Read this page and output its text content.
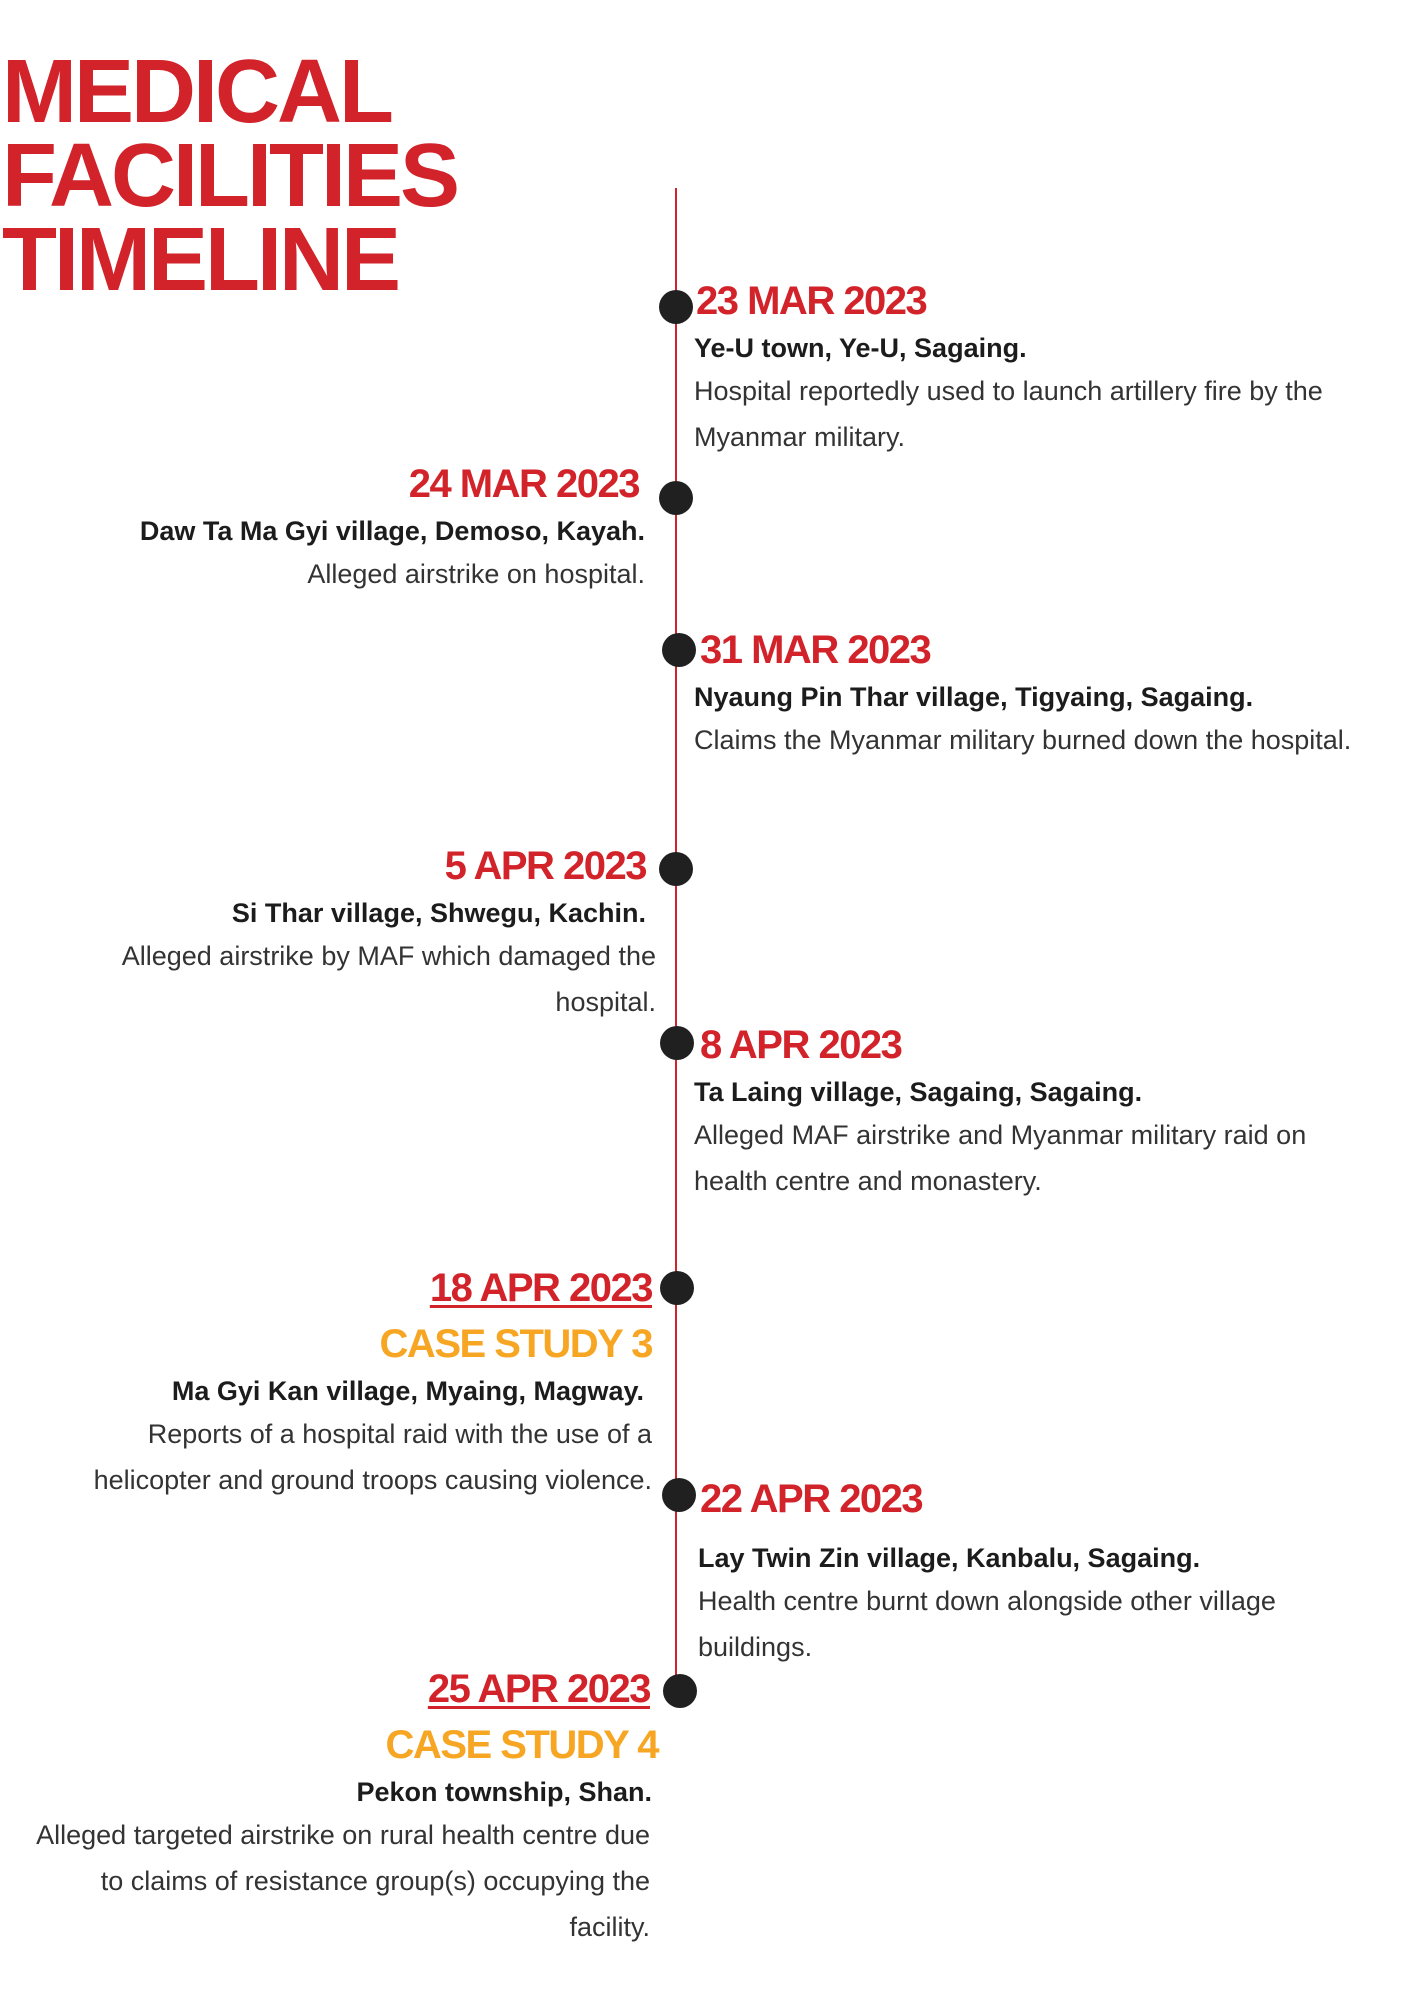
MEDICAL
FACILITIES
TIMELINE	23 MAR 2023

Ye-U town, Ye-U, Sagaing.

Hospital reportedly used to launch artillery fire by the Myanmar military.

24 MAR 2023

Daw Ta Ma Gyi village, Demoso, Kayah.

Alleged airstrike on hospital.

31 MAR 2023

Nyaung Pin Thar village, Tigyaing, Sagaing.

Claims the Myanmar military burned down the hospital.

5 APR 2023

Si Thar village, Shwegu, Kachin.

Alleged airstrike by MAF which damaged the hospital.

8 APR 2023

Ta Laing village, Sagaing, Sagaing.

Alleged MAF airstrike and Myanmar military raid on health centre and monastery.

18 APR 2023

CASE STUDY 3

Ma Gyi Kan village, Myaing, Magway.

Reports of a hospital raid with the use of a helicopter and ground troops causing violence. 22 APR 2023

Lay Twin Zin village, Kanbalu, Sagaing.

Health centre burnt down alongside other village buildings.

25 APR 2023

CASE STUDY 4

Pekon township, Shan.

Alleged targeted airstrike on rural health centre due to claims of resistance group(s) occupying the facility.
